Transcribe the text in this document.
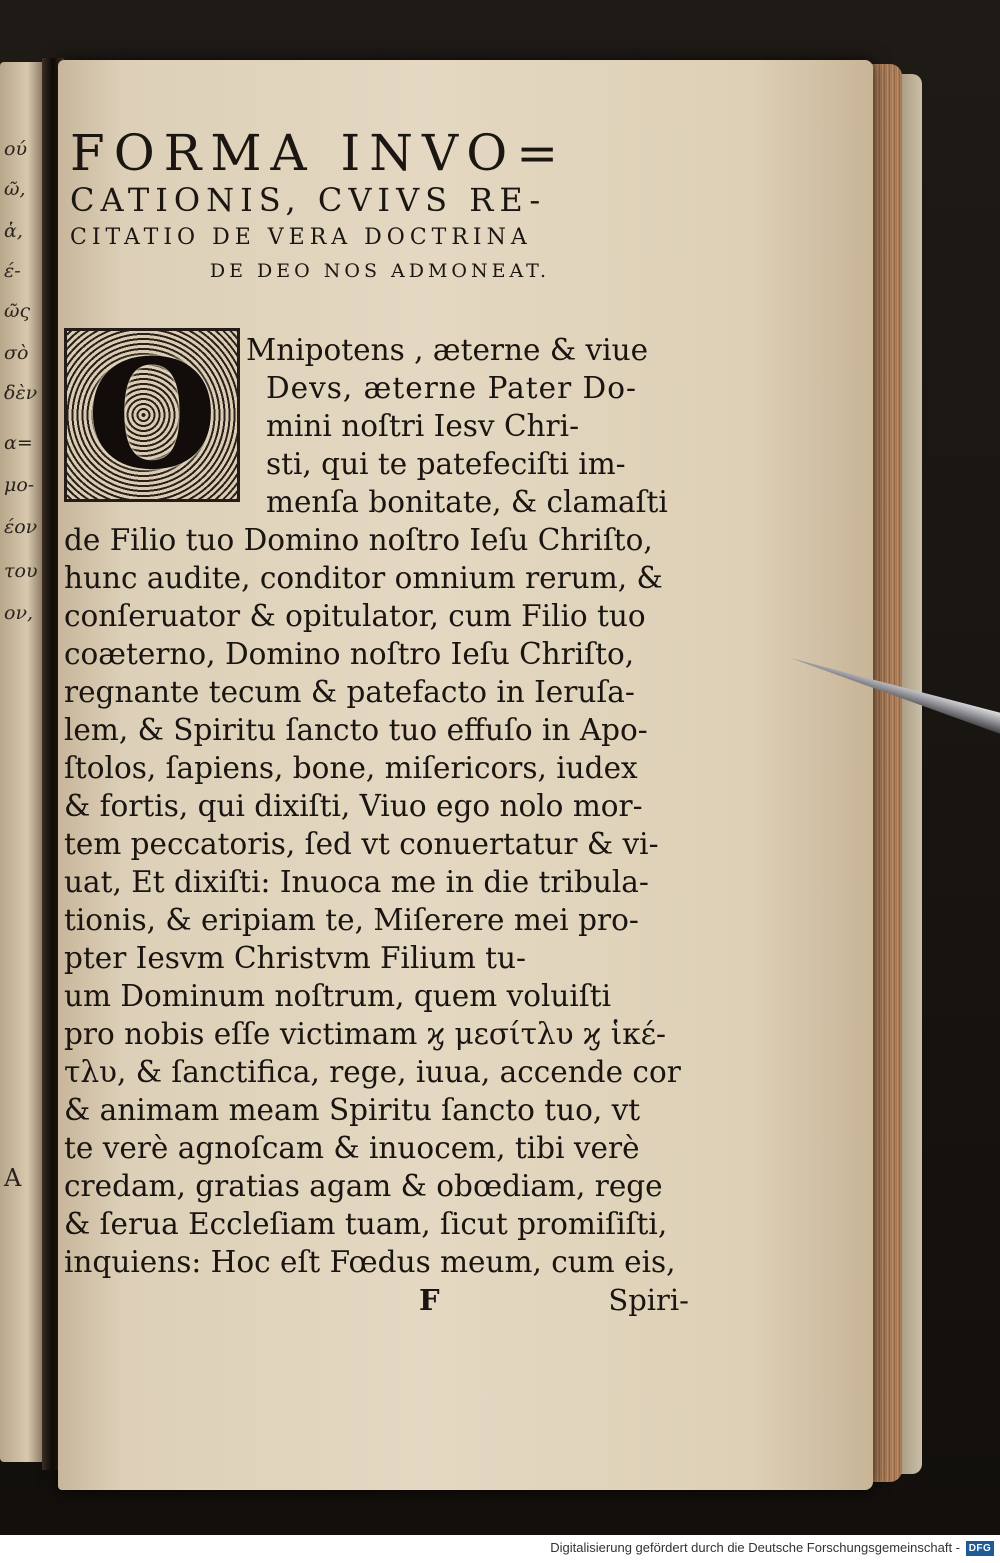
ού
ῶ,
ἁ,
έ-
ῶς
σὸ
δὲν
α=
μο-
έον
του
ον,
A
FORMA INVO=
CATIONIS, CVIVS RE-
CITATIO DE VERA DOCTRINA
DE DEO NOS ADMONEAT.
O Mnipotens , æterne & viue
Devs, æterne Pater Do-
mini noſtri Iesv Chri-
sti, qui te patefeciſti im-
menſa bonitate, & clamaſti
de Filio tuo Domino noſtro Ieſu Chriſto,
hunc audite, conditor omnium rerum, &
conſeruator & opitulator, cum Filio tuo
coæterno, Domino noſtro Ieſu Chriſto,
regnante tecum & patefacto in Ieruſa-
lem, & Spiritu ſancto tuo effuſo in Apo-
ſtolos, ſapiens, bone, miſericors, iudex
& fortis, qui dixiſti, Viuo ego nolo mor-
tem peccatoris, ſed vt conuertatur & vi-
uat, Et dixiſti: Inuoca me in die tribula-
tionis, & eripiam te, Miſerere mei pro-
pter Iesvm Christvm Filium tu-
um Dominum noſtrum, quem voluiſti
pro nobis eſſe victimam ϗ μεσίτλυ ϗ ἱκέ-
τλυ, & ſanctifica, rege, iuua, accende cor
& animam meam Spiritu ſancto tuo, vt
te verè agnoſcam & inuocem, tibi verè
credam, gratias agam & obœdiam, rege
& ſerua Eccleſiam tuam, ſicut promiſiſti,
inquiens: Hoc eſt Fœdus meum, cum eis,
F	Spiri-
Digitalisierung gefördert durch die Deutsche Forschungsgemeinschaft - DFG
